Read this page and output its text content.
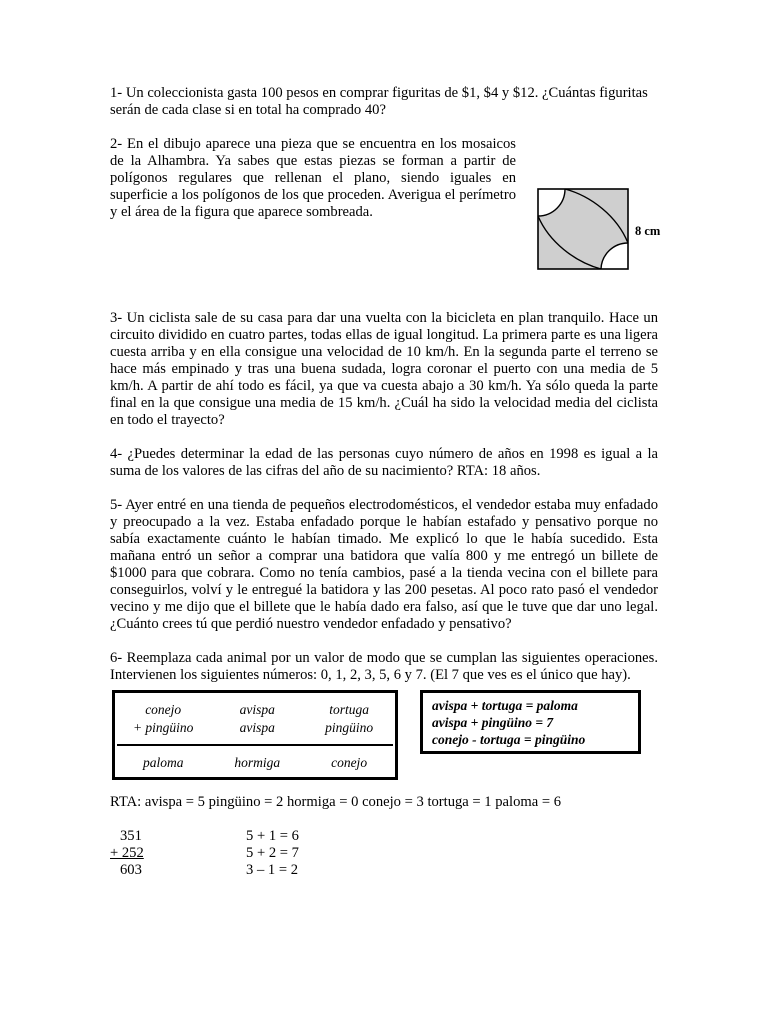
1- Un coleccionista gasta 100 pesos en comprar figuritas de $1, $4 y $12. ¿Cuántas figuritas serán de cada clase si en total ha comprado 40?

2- En el dibujo aparece una pieza que se encuentra en los mosaicos de la Alhambra. Ya sabes que estas piezas se forman a partir de polígonos regulares que rellenan el plano, siendo iguales en superficie a los polígonos de los que proceden. Averigua el perímetro y el área de la figura que aparece sombreada.

8 cm

3- Un ciclista sale de su casa para dar una vuelta con la bicicleta en plan tranquilo. Hace un circuito dividido en cuatro partes, todas ellas de igual longitud. La primera parte es una ligera cuesta arriba y en ella consigue una velocidad de 10 km/h. En la segunda parte el terreno se hace más empinado y tras una buena sudada, logra coronar el puerto con una media de 5 km/h. A partir de ahí todo es fácil, ya que va cuesta abajo a 30 km/h. Ya sólo queda la parte final en la que consigue una media de 15 km/h. ¿Cuál ha sido la velocidad media del ciclista en todo el trayecto?

4- ¿Puedes determinar la edad de las personas cuyo número de años en 1998 es igual a la suma de los valores de las cifras del año de su nacimiento? RTA: 18 años.

5- Ayer entré en una tienda de pequeños electrodomésticos, el vendedor estaba muy enfadado y preocupado a la vez. Estaba enfadado porque le habían estafado y pensativo porque no sabía exactamente cuánto le habían timado. Me explicó lo que le había sucedido. Esta mañana entró un señor a comprar una batidora que valía 800 y me entregó un billete de $1000 para que cobrara. Como no tenía cambios, pasé a la tienda vecina con el billete para conseguirlos, volví y le entregué la batidora y las 200 pesetas. Al poco rato pasó el vendedor vecino y me dijo que el billete que le había dado era falso, así que le tuve que dar uno legal. ¿Cuánto crees tú que perdió nuestro vendedor enfadado y pensativo?

6- Reemplaza cada animal por un valor de modo que se cumplan las siguientes operaciones. Intervienen los siguientes números: 0, 1, 2, 3, 5, 6 y 7. (El 7 que ves es el único que hay).

conejo	avispa	tortuga
+ pingüino	avispa	pingüino
paloma	hormiga	conejo
avispa + tortuga = paloma
avispa + pingüino = 7
conejo - tortuga = pingüino

RTA: avispa = 5 pingüino = 2 hormiga = 0 conejo = 3 tortuga = 1 paloma = 6

351
+ 252
603
5 + 1 = 6
5 + 2 = 7
3 – 1 = 2
